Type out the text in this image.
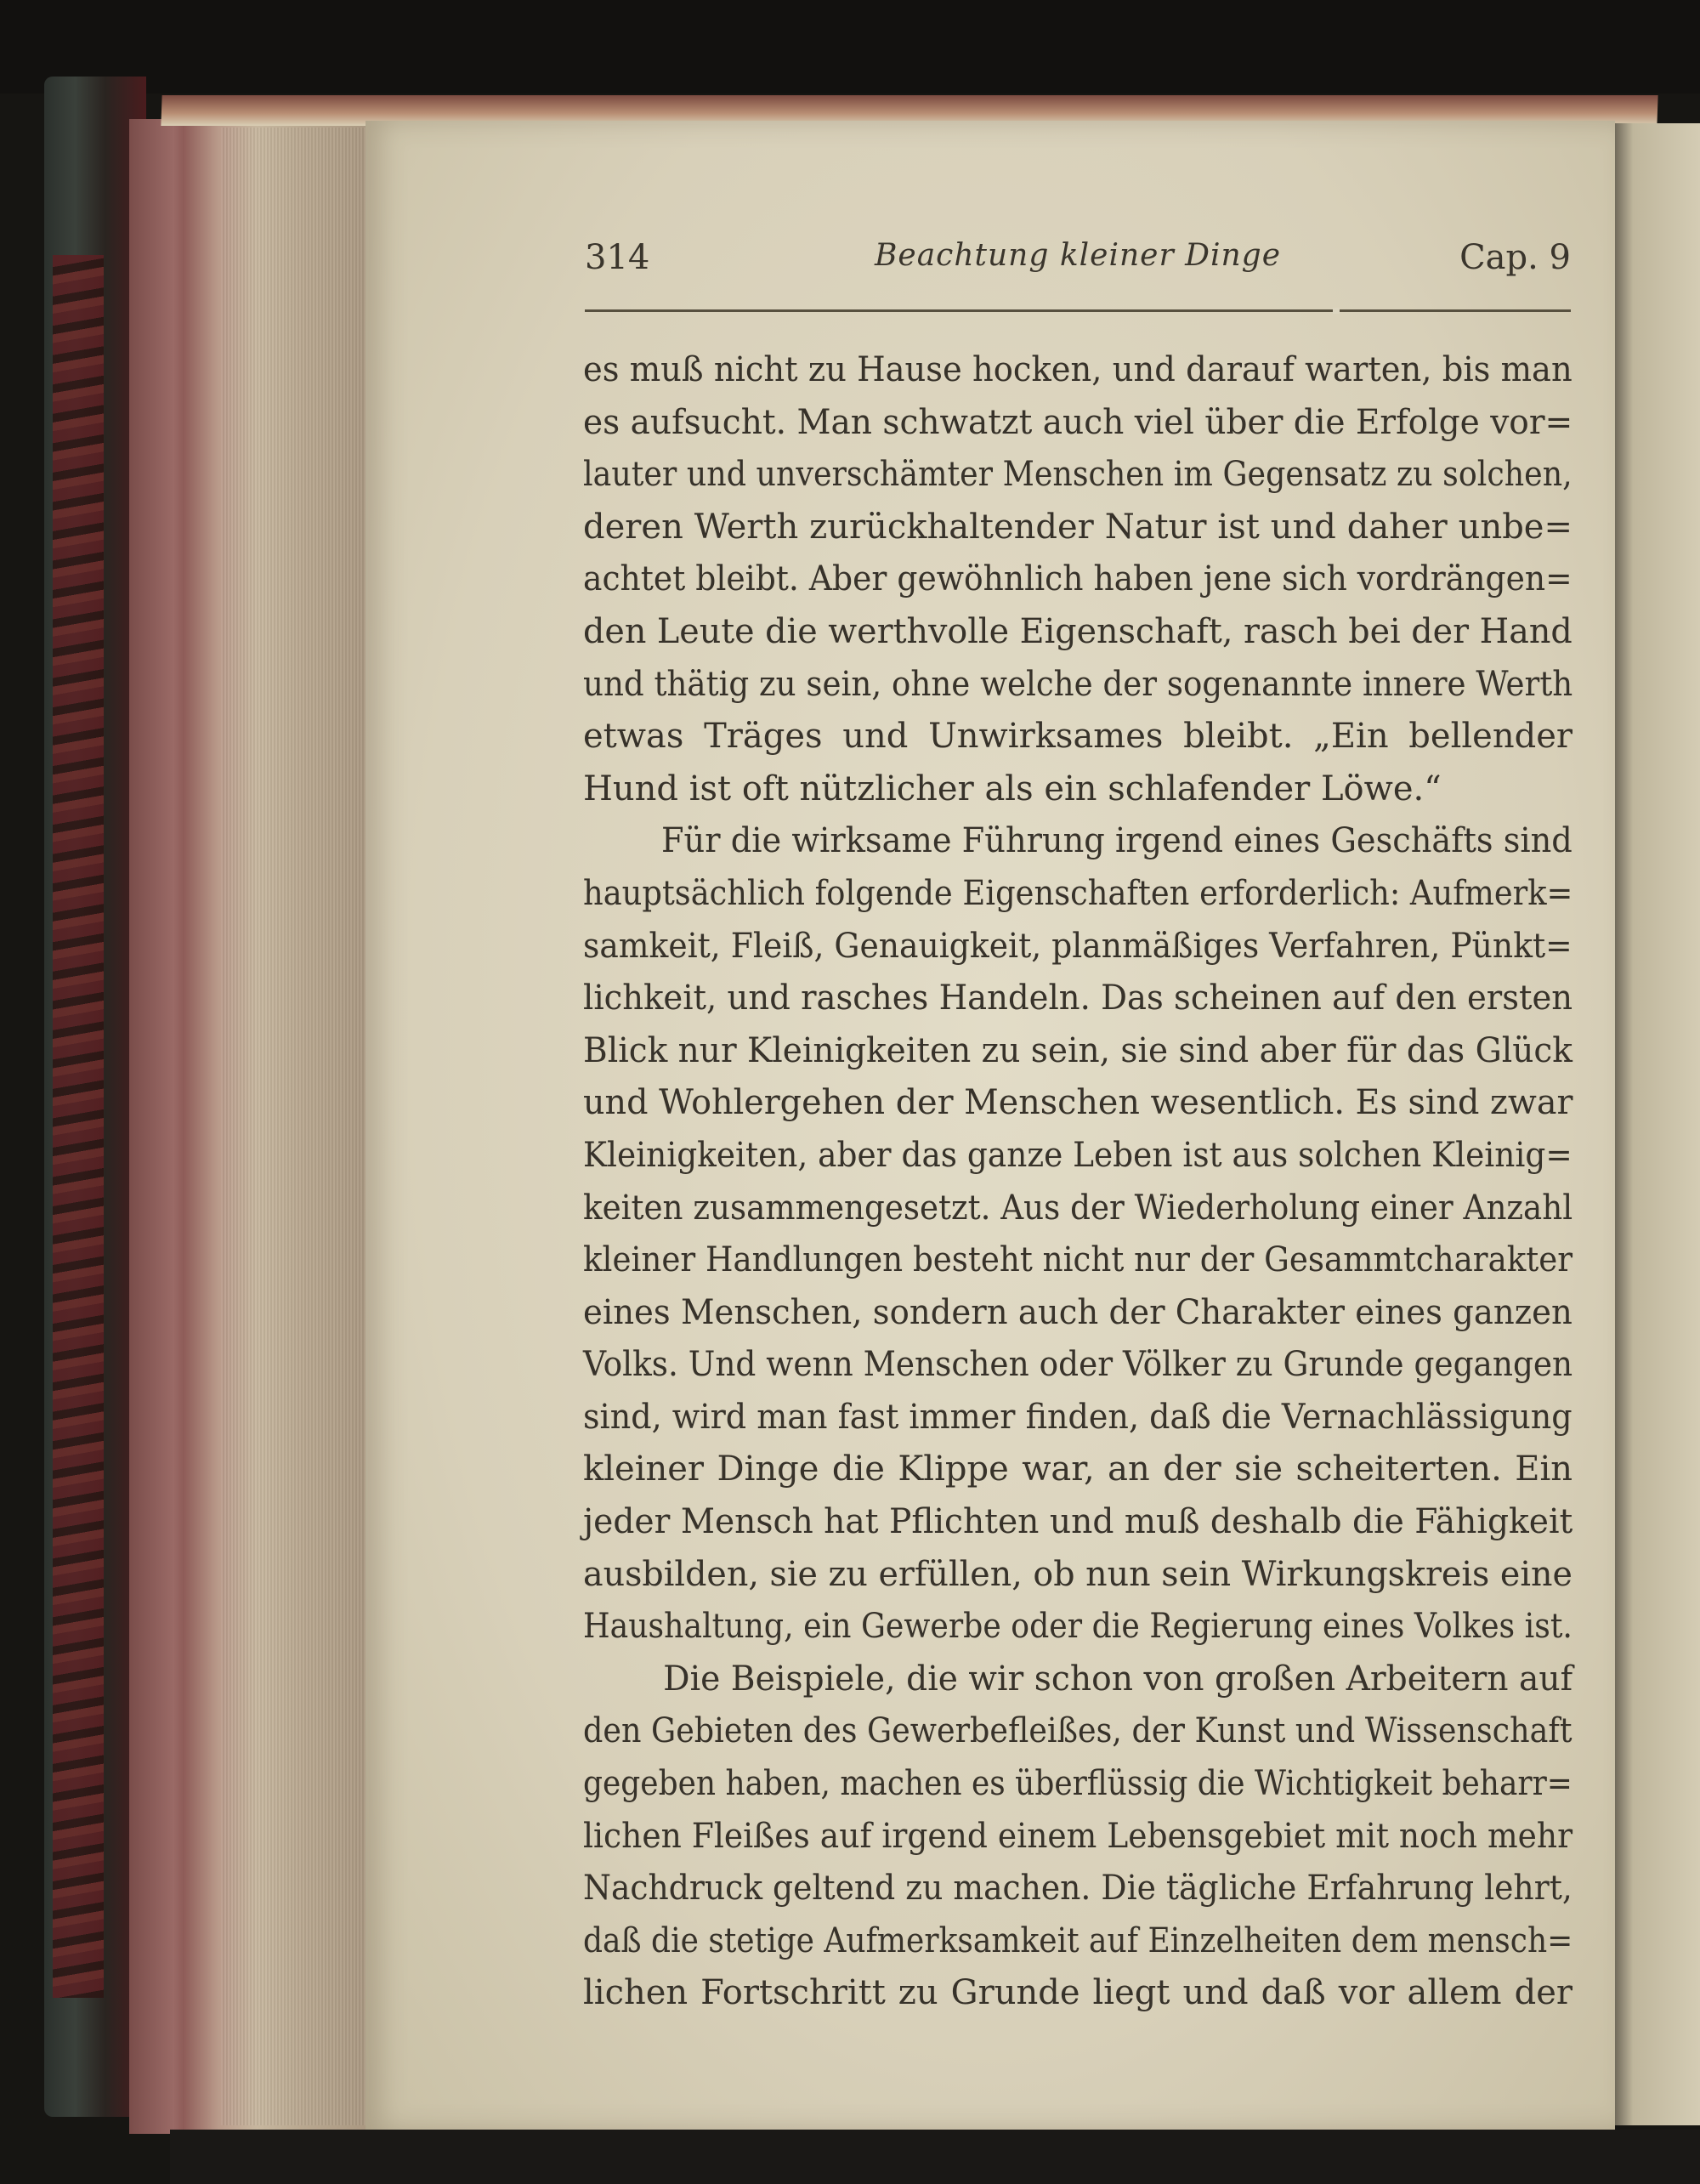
314	Beachtung kleiner Dinge	Cap. 9
es muß nicht zu Hause hocken, und darauf warten, bis man
es aufsucht. Man schwatzt auch viel über die Erfolge vor=
lauter und unverschämter Menschen im Gegensatz zu solchen,
deren Werth zurückhaltender Natur ist und daher unbe=
achtet bleibt. Aber gewöhnlich haben jene sich vordrängen=
den Leute die werthvolle Eigenschaft, rasch bei der Hand
und thätig zu sein, ohne welche der sogenannte innere Werth
etwas Träges und Unwirksames bleibt. „Ein bellender
Hund ist oft nützlicher als ein schlafender Löwe.“
Für die wirksame Führung irgend eines Geschäfts sind
hauptsächlich folgende Eigenschaften erforderlich: Aufmerk=
samkeit, Fleiß, Genauigkeit, planmäßiges Verfahren, Pünkt=
lichkeit, und rasches Handeln. Das scheinen auf den ersten
Blick nur Kleinigkeiten zu sein, sie sind aber für das Glück
und Wohlergehen der Menschen wesentlich. Es sind zwar
Kleinigkeiten, aber das ganze Leben ist aus solchen Kleinig=
keiten zusammengesetzt. Aus der Wiederholung einer Anzahl
kleiner Handlungen besteht nicht nur der Gesammtcharakter
eines Menschen, sondern auch der Charakter eines ganzen
Volks. Und wenn Menschen oder Völker zu Grunde gegangen
sind, wird man fast immer finden, daß die Vernachlässigung
kleiner Dinge die Klippe war, an der sie scheiterten. Ein
jeder Mensch hat Pflichten und muß deshalb die Fähigkeit
ausbilden, sie zu erfüllen, ob nun sein Wirkungskreis eine
Haushaltung, ein Gewerbe oder die Regierung eines Volkes ist.
Die Beispiele, die wir schon von großen Arbeitern auf
den Gebieten des Gewerbefleißes, der Kunst und Wissenschaft
gegeben haben, machen es überflüssig die Wichtigkeit beharr=
lichen Fleißes auf irgend einem Lebensgebiet mit noch mehr
Nachdruck geltend zu machen. Die tägliche Erfahrung lehrt,
daß die stetige Aufmerksamkeit auf Einzelheiten dem mensch=
lichen Fortschritt zu Grunde liegt und daß vor allem der
